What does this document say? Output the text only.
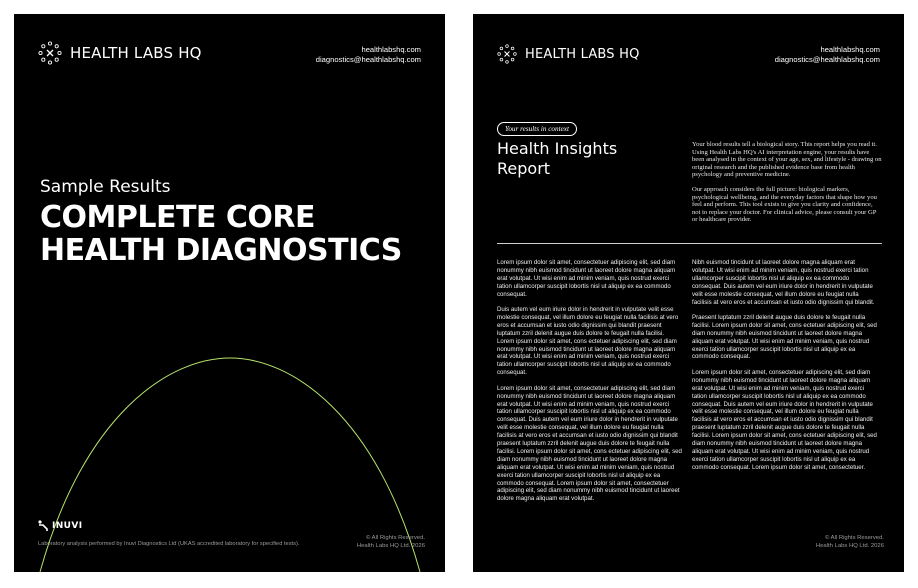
HEALTH LABS HQ	healthlabshq.com
diagnostics@healthlabshq.com
Sample Results
COMPLETE CORE
HEALTH DIAGNOSTICS
INUVI
Laboratory analysis performed by Inuvi Diagnostics Ltd (UKAS accredited laboratory for specified tests).
© All Rights Reserved.
Health Labs HQ Ltd. 2026
HEALTH LABS HQ	healthlabshq.com
diagnostics@healthlabshq.com
Your results in context
Health Insights
Report

Your blood results tell a biological story. This report helps you read it. Using Health Labs HQ's AI interpretation engine, your results have been analysed in the context of your age, sex, and lifestyle - drawing on original research and the published evidence base from health psychology and preventive medicine.

Our approach considers the full picture: biological markers, psychological wellbeing, and the everyday factors that shape how you feel and perform. This tool exists to give you clarity and confidence, not to replace your doctor. For clinical advice, please consult your GP or healthcare provider.

Lorem ipsum dolor sit amet, consectetuer adipiscing elit, sed diam nonummy nibh euismod tincidunt ut laoreet dolore magna aliquam erat volutpat. Ut wisi enim ad minim veniam, quis nostrud exerci tation ullamcorper suscipit lobortis nisl ut aliquip ex ea commodo consequat.

Duis autem vel eum iriure dolor in hendrerit in vulputate velit esse molestie consequat, vel illum dolore eu feugiat nulla facilisis at vero eros et accumsan et iusto odio dignissim qui blandit praesent luptatum zzril delenit augue duis dolore te feugait nulla facilisi. Lorem ipsum dolor sit amet, cons ectetuer adipiscing elit, sed diam nonummy nibh euismod tincidunt ut laoreet dolore magna aliquam erat volutpat. Ut wisi enim ad minim veniam, quis nostrud exerci tation ullamcorper suscipit lobortis nisl ut aliquip ex ea commodo consequat.

Lorem ipsum dolor sit amet, consectetuer adipiscing elit, sed diam nonummy nibh euismod tincidunt ut laoreet dolore magna aliquam erat volutpat. Ut wisi enim ad minim veniam, quis nostrud exerci tation ullamcorper suscipit lobortis nisl ut aliquip ex ea commodo consequat. Duis autem vel eum iriure dolor in hendrerit in vulputate velit esse molestie consequat, vel illum dolore eu feugiat nulla facilisis at vero eros et accumsan et iusto odio dignissim qui blandit praesent luptatum zzril delenit augue duis dolore te feugait nulla facilisi. Lorem ipsum dolor sit amet, cons ectetuer adipiscing elit, sed diam nonummy nibh euismod tincidunt ut laoreet dolore magna aliquam erat volutpat. Ut wisi enim ad minim veniam, quis nostrud exerci tation ullamcorper suscipit lobortis nisl ut aliquip ex ea commodo consequat. Lorem ipsum dolor sit amet, consectetuer adipiscing elit, sed diam nonummy nibh euismod tincidunt ut laoreet dolore magna aliquam erat volutpat.

Nibh euismod tincidunt ut laoreet dolore magna aliquam erat volutpat. Ut wisi enim ad minim veniam, quis nostrud exerci tation ullamcorper suscipit lobortis nisl ut aliquip ex ea commodo consequat. Duis autem vel eum iriure dolor in hendrerit in vulputate velit esse molestie consequat, vel illum dolore eu feugiat nulla facilisis at vero eros et accumsan et iusto odio dignissim qui blandit.

Praesent luptatum zzril delenit augue duis dolore te feugait nulla facilisi. Lorem ipsum dolor sit amet, cons ectetuer adipiscing elit, sed diam nonummy nibh euismod tincidunt ut laoreet dolore magna aliquam erat volutpat. Ut wisi enim ad minim veniam, quis nostrud exerci tation ullamcorper suscipit lobortis nisl ut aliquip ex ea commodo consequat.

Lorem ipsum dolor sit amet, consectetuer adipiscing elit, sed diam nonummy nibh euismod tincidunt ut laoreet dolore magna aliquam erat volutpat. Ut wisi enim ad minim veniam, quis nostrud exerci tation ullamcorper suscipit lobortis nisl ut aliquip ex ea commodo consequat. Duis autem vel eum iriure dolor in hendrerit in vulputate velit esse molestie consequat, vel illum dolore eu feugiat nulla facilisis at vero eros et accumsan et iusto odio dignissim qui blandit praesent luptatum zzril delenit augue duis dolore te feugait nulla facilisi. Lorem ipsum dolor sit amet, cons ectetuer adipiscing elit, sed diam nonummy nibh euismod tincidunt ut laoreet dolore magna aliquam erat volutpat. Ut wisi enim ad minim veniam, quis nostrud exerci tation ullamcorper suscipit lobortis nisl ut aliquip ex ea commodo consequat. Lorem ipsum dolor sit amet, consectetuer.

© All Rights Reserved.
Health Labs HQ Ltd. 2026
